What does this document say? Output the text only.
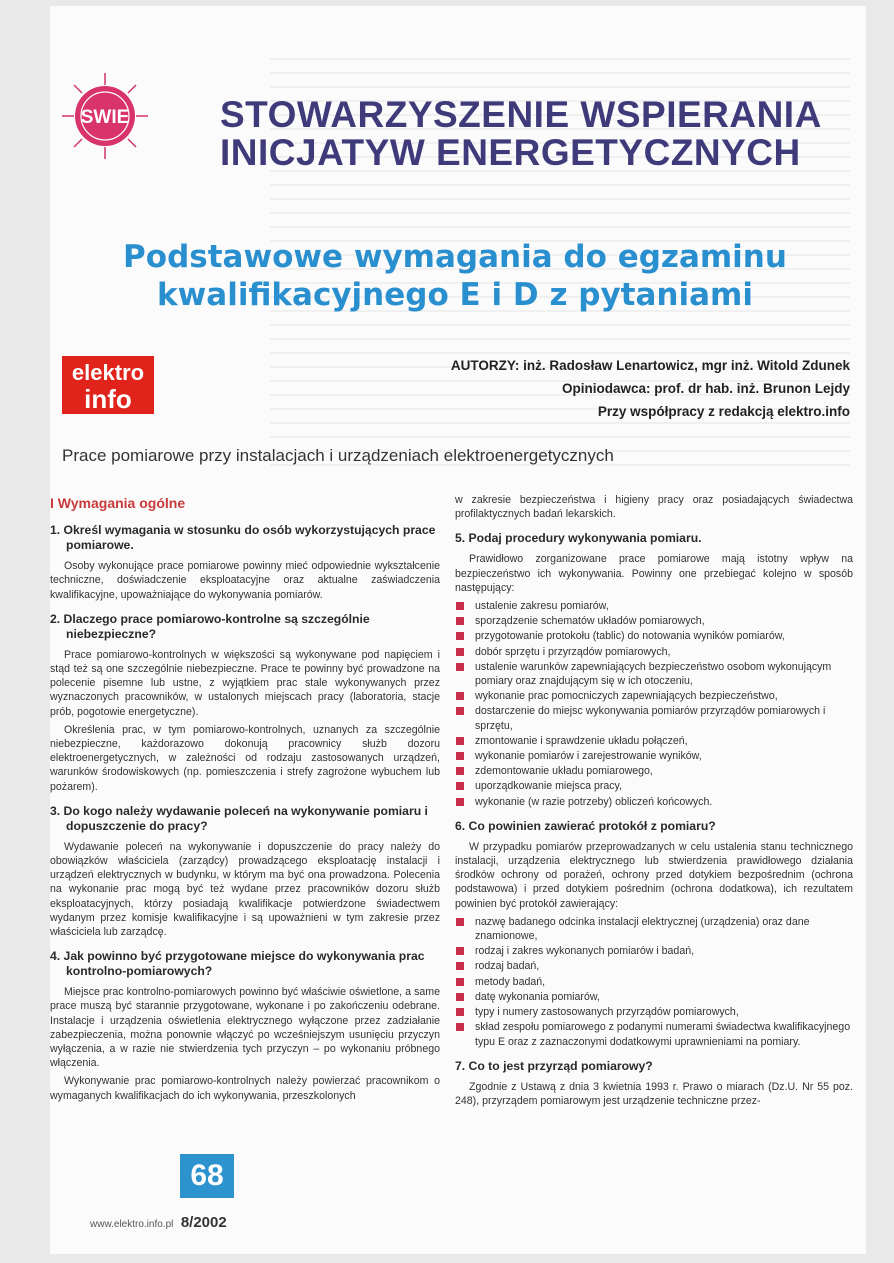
SWIE STOWARZYSZENIE WSPIERANIA
INICJATYW ENERGETYCZNYCH
Podstawowe wymagania do egzaminu
kwalifikacyjnego E i D z pytaniami
elektro
info
AUTORZY: inż. Radosław Lenartowicz, mgr inż. Witold Zdunek
Opiniodawca: prof. dr hab. inż. Brunon Lejdy
Przy współpracy z redakcją elektro.info
Prace pomiarowe przy instalacjach i urządzeniach elektroenergetycznych
I Wymagania ogólne
1. Określ wymagania w stosunku do osób wykorzystujących prace pomiarowe.
Osoby wykonujące prace pomiarowe powinny mieć odpowiednie wykształcenie techniczne, doświadczenie eksploatacyjne oraz aktualne zaświadczenia kwalifikacyjne, upoważniające do wykonywania pomiarów.
2. Dlaczego prace pomiarowo-kontrolne są szczególnie niebezpieczne?
Prace pomiarowo-kontrolnych w większości są wykonywane pod napięciem i stąd też są one szczególnie niebezpieczne. Prace te powinny być prowadzone na polecenie pisemne lub ustne, z wyjątkiem prac stale wykonywanych przez wyznaczonych pracowników, w ustalonych miejscach pracy (laboratoria, stacje prób, pogotowie energetyczne).
Określenia prac, w tym pomiarowo-kontrolnych, uznanych za szczególnie niebezpieczne, każdorazowo dokonują pracownicy służb dozoru elektroenergetycznych, w zależności od rodzaju zastosowanych urządzeń, warunków środowiskowych (np. pomieszczenia i strefy zagrożone wybuchem lub pożarem).
3. Do kogo należy wydawanie poleceń na wykonywanie pomiaru i dopuszczenie do pracy?
Wydawanie poleceń na wykonywanie i dopuszczenie do pracy należy do obowiązków właściciela (zarządcy) prowadzącego eksploatację instalacji i urządzeń elektrycznych w budynku, w którym ma być ona prowadzona. Polecenia na wykonanie prac mogą być też wydane przez pracowników dozoru służb eksploatacyjnych, którzy posiadają kwalifikacje potwierdzone świadectwem wydanym przez komisje kwalifikacyjne i są upoważnieni w tym zakresie przez właściciela lub zarządcę.
4. Jak powinno być przygotowane miejsce do wykonywania prac kontrolno-pomiarowych?
Miejsce prac kontrolno-pomiarowych powinno być właściwie oświetlone, a same prace muszą być starannie przygotowane, wykonane i po zakończeniu odebrane. Instalacje i urządzenia oświetlenia elektrycznego wyłączone przez zadziałanie zabezpieczenia, można ponownie włączyć po wcześniejszym usunięciu przyczyn wyłączenia, a w razie nie stwierdzenia tych przyczyn – po wykonaniu próbnego włączenia.
Wykonywanie prac pomiarowo-kontrolnych należy powierzać pracownikom o wymaganych kwalifikacjach do ich wykonywania, przeszkolonych
w zakresie bezpieczeństwa i higieny pracy oraz posiadających świadectwa profilaktycznych badań lekarskich.
5. Podaj procedury wykonywania pomiaru.
Prawidłowo zorganizowane prace pomiarowe mają istotny wpływ na bezpieczeństwo ich wykonywania. Powinny one przebiegać kolejno w sposób następujący:
ustalenie zakresu pomiarów,
sporządzenie schematów układów pomiarowych,
przygotowanie protokołu (tablic) do notowania wyników pomiarów,
dobór sprzętu i przyrządów pomiarowych,
ustalenie warunków zapewniających bezpieczeństwo osobom wykonującym pomiary oraz znajdującym się w ich otoczeniu,
wykonanie prac pomocniczych zapewniających bezpieczeństwo,
dostarczenie do miejsc wykonywania pomiarów przyrządów pomiarowych i sprzętu,
zmontowanie i sprawdzenie układu połączeń,
wykonanie pomiarów i zarejestrowanie wyników,
zdemontowanie układu pomiarowego,
uporządkowanie miejsca pracy,
wykonanie (w razie potrzeby) obliczeń końcowych.
6. Co powinien zawierać protokół z pomiaru?
W przypadku pomiarów przeprowadzanych w celu ustalenia stanu technicznego instalacji, urządzenia elektrycznego lub stwierdzenia prawidłowego działania środków ochrony od porażeń, ochrony przed dotykiem bezpośrednim (ochrona podstawowa) i przed dotykiem pośrednim (ochrona dodatkowa), ich rezultatem powinien być protokół zawierający:
nazwę badanego odcinka instalacji elektrycznej (urządzenia) oraz dane znamionowe,
rodzaj i zakres wykonanych pomiarów i badań,
rodzaj badań,
metody badań,
datę wykonania pomiarów,
typy i numery zastosowanych przyrządów pomiarowych,
skład zespołu pomiarowego z podanymi numerami świadectwa kwalifikacyjnego typu E oraz z zaznaczonymi dodatkowymi uprawnieniami na pomiary.
7. Co to jest przyrząd pomiarowy?
Zgodnie z Ustawą z dnia 3 kwietnia 1993 r. Prawo o miarach (Dz.U. Nr 55 poz. 248), przyrządem pomiarowym jest urządzenie techniczne przez-
68
www.elektro.info.pl 8/2002
